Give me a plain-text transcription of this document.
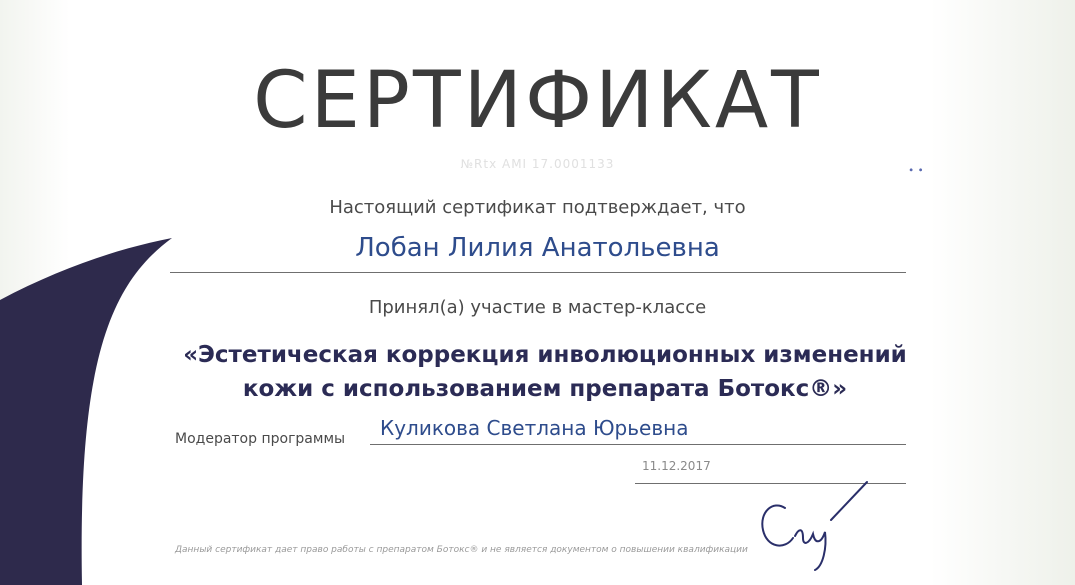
СЕРТИФИКАТ
№Rtx AMI 17.0001133
Настоящий сертификат подтверждает, что
Лобан Лилия Анатольевна
Принял(а) участие в мастер-классе
«Эстетическая коррекция инволюционных изменений
кожи с использованием препарата Ботокс®»
Модератор программы Куликова Светлана Юрьевна
11.12.2017
Данный сертификат дает право работы с препаратом Ботокс® и не является документом о повышении квалификации
∙ ∙
